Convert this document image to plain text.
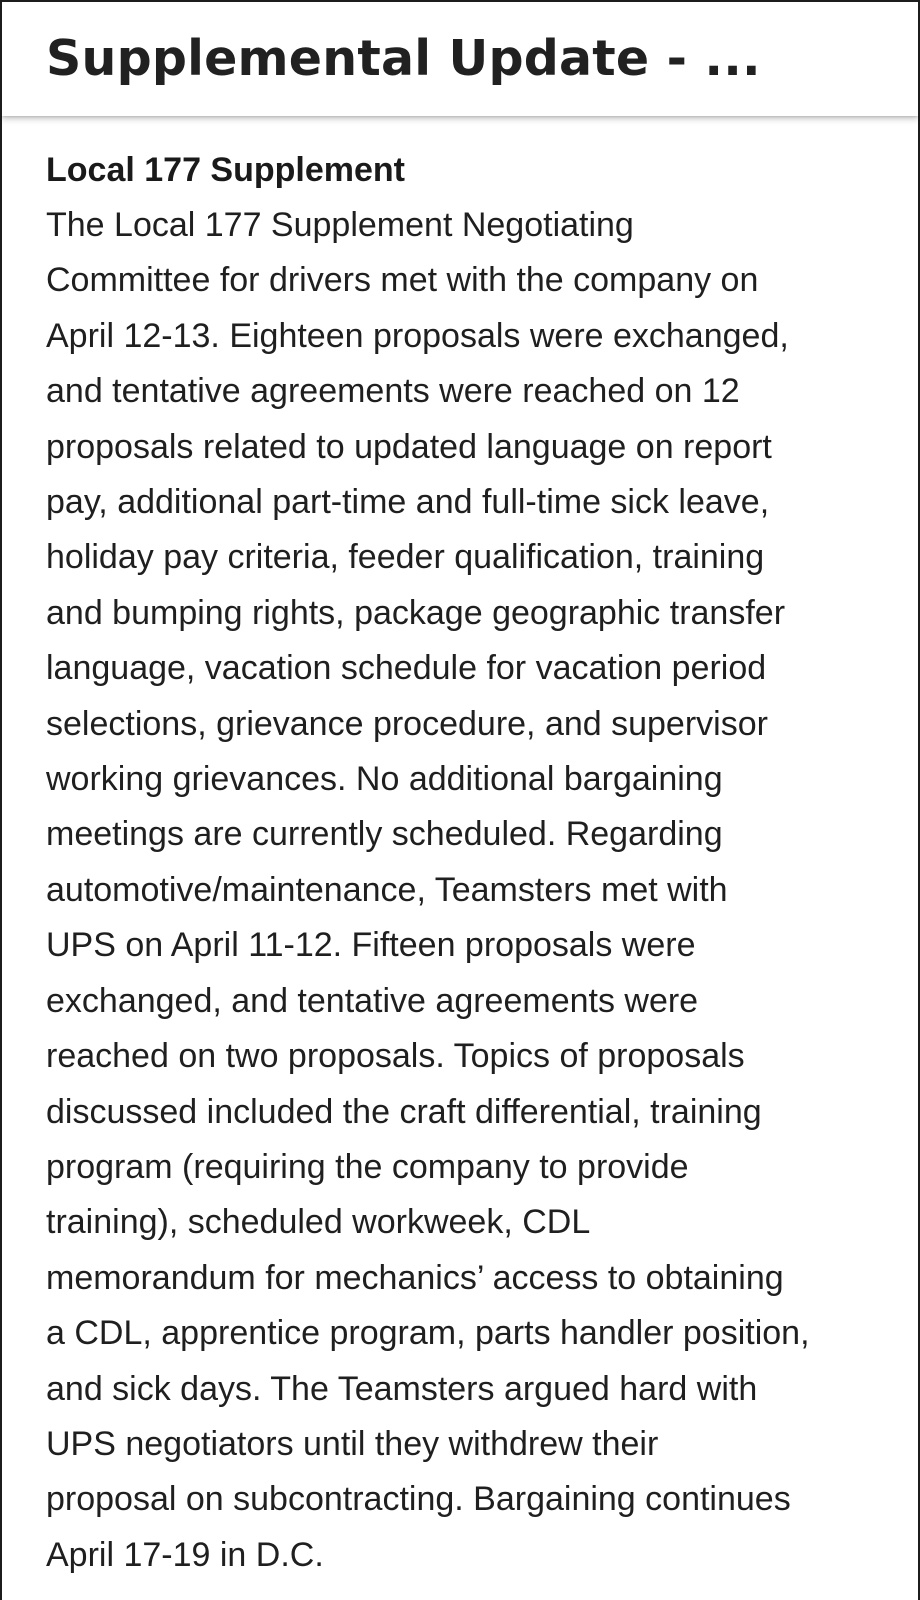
Supplemental Update - ...
Local 177 Supplement

The Local 177 Supplement Negotiating
Committee for drivers met with the company on
April 12-13. Eighteen proposals were exchanged,
and tentative agreements were reached on 12
proposals related to updated language on report
pay, additional part-time and full-time sick leave,
holiday pay criteria, feeder qualification, training
and bumping rights, package geographic transfer
language, vacation schedule for vacation period
selections, grievance procedure, and supervisor
working grievances. No additional bargaining
meetings are currently scheduled. Regarding
automotive/maintenance, Teamsters met with
UPS on April 11-12. Fifteen proposals were
exchanged, and tentative agreements were
reached on two proposals. Topics of proposals
discussed included the craft differential, training
program (requiring the company to provide
training), scheduled workweek, CDL
memorandum for mechanics’ access to obtaining
a CDL, apprentice program, parts handler position,
and sick days. The Teamsters argued hard with
UPS negotiators until they withdrew their
proposal on subcontracting. Bargaining continues
April 17-19 in D.C.
